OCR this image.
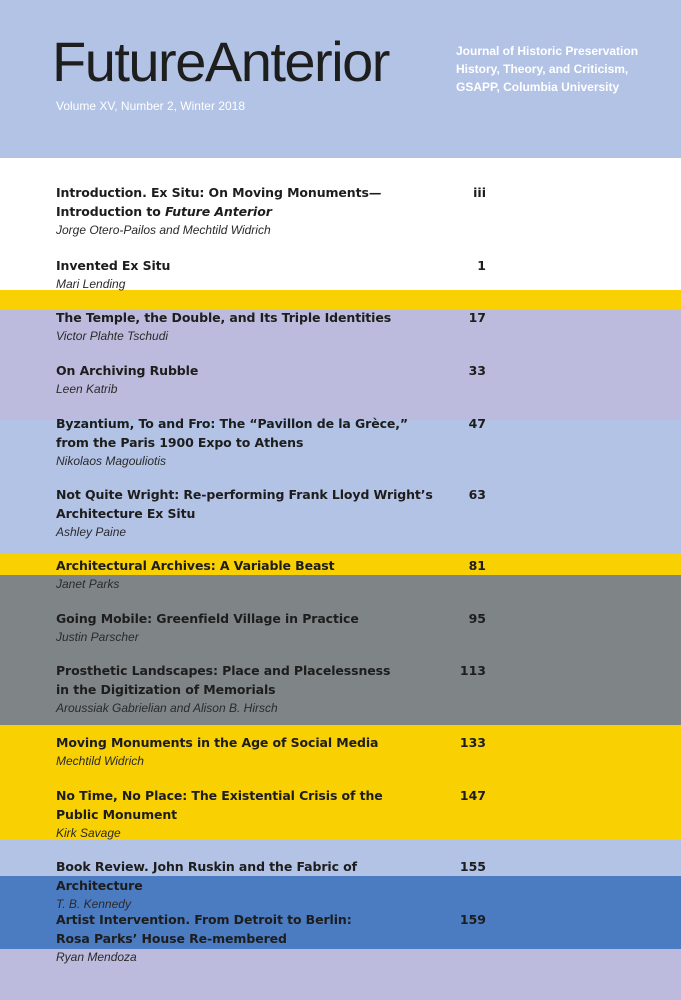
FutureAnterior
Volume XV, Number 2, Winter 2018
Journal of Historic Preservation
History, Theory, and Criticism,
GSAPP, Columbia University
Introduction. Ex Situ: On Moving Monuments—
Introduction to Future Anterior
Jorge Otero-Pailos and Mechtild Widrich
iii
Invented Ex Situ
Mari Lending
1
The Temple, the Double, and Its Triple Identities
Victor Plahte Tschudi
17
On Archiving Rubble
Leen Katrib
33
Byzantium, To and Fro: The “Pavillon de la Grèce,”
from the Paris 1900 Expo to Athens
Nikolaos Magouliotis
47
Not Quite Wright: Re-performing Frank Lloyd Wright’s
Architecture Ex Situ
Ashley Paine
63
Architectural Archives: A Variable Beast
Janet Parks
81
Going Mobile: Greenfield Village in Practice
Justin Parscher
95
Prosthetic Landscapes: Place and Placelessness
in the Digitization of Memorials
Aroussiak Gabrielian and Alison B. Hirsch
113
Moving Monuments in the Age of Social Media
Mechtild Widrich
133
No Time, No Place: The Existential Crisis of the
Public Monument
Kirk Savage
147
Book Review. John Ruskin and the Fabric of Architecture
T. B. Kennedy
155
Artist Intervention. From Detroit to Berlin:
Rosa Parks’ House Re-membered
Ryan Mendoza
159
